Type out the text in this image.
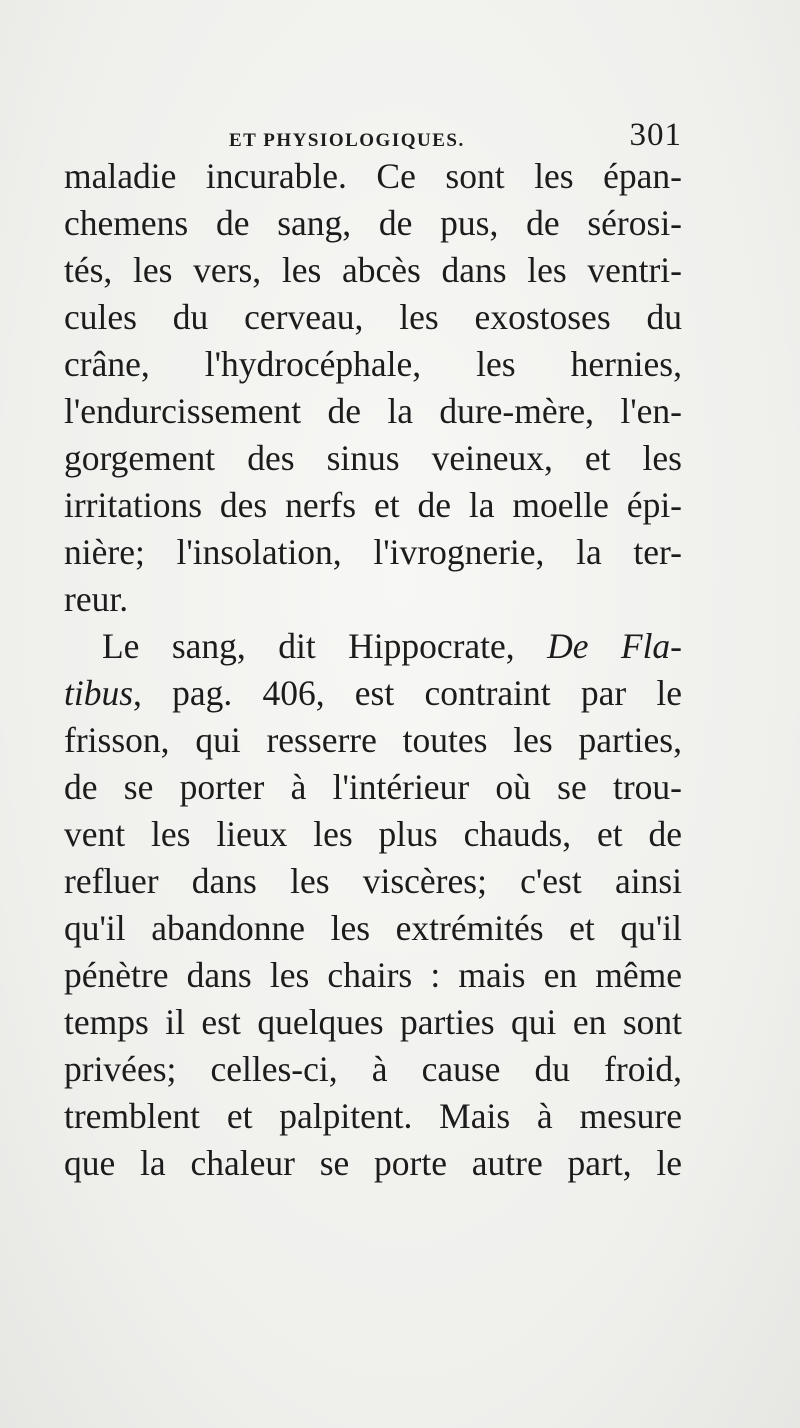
ET PHYSIOLOGIQUES.	301
maladie incurable. Ce sont les épan-
chemens de sang, de pus, de sérosi-
tés, les vers, les abcès dans les ventri-
cules du cerveau, les exostoses du
crâne, l'hydrocéphale, les hernies,
l'endurcissement de la dure-mère, l'en-
gorgement des sinus veineux, et les
irritations des nerfs et de la moelle épi-
nière; l'insolation, l'ivrognerie, la ter-
reur.
Le sang, dit Hippocrate, De Fla-
tibus, pag. 406, est contraint par le
frisson, qui resserre toutes les parties,
de se porter à l'intérieur où se trou-
vent les lieux les plus chauds, et de
refluer dans les viscères; c'est ainsi
qu'il abandonne les extrémités et qu'il
pénètre dans les chairs : mais en même
temps il est quelques parties qui en sont
privées; celles-ci, à cause du froid,
tremblent et palpitent. Mais à mesure
que la chaleur se porte autre part, le
